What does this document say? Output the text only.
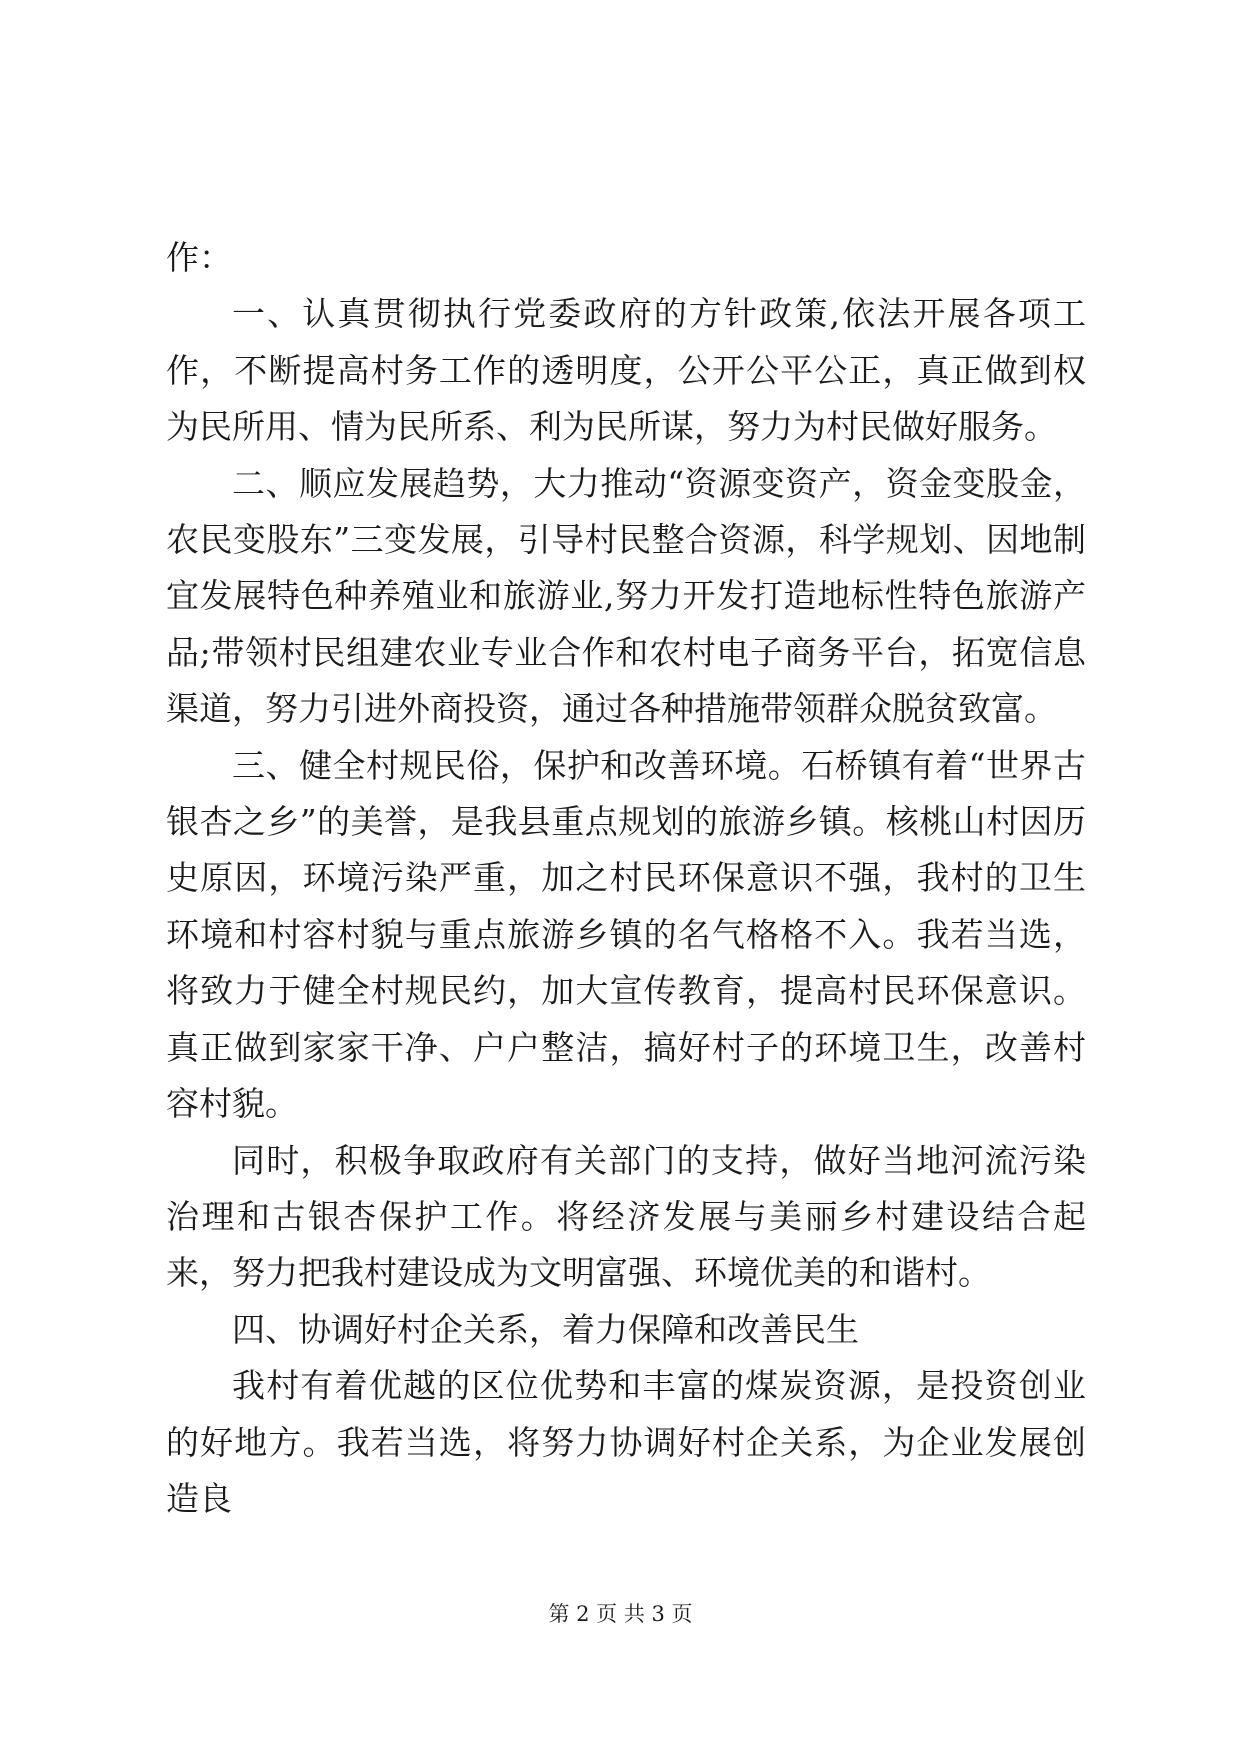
作：

一、认真贯彻执行党委政府的方针政策,依法开展各项工作，不断提高村务工作的透明度，公开公平公正，真正做到权为民所用、情为民所系、利为民所谋，努力为村民做好服务。

二、顺应发展趋势，大力推动“资源变资产，资金变股金，农民变股东”三变发展，引导村民整合资源，科学规划、因地制宜发展特色种养殖业和旅游业,努力开发打造地标性特色旅游产品;带领村民组建农业专业合作和农村电子商务平台，拓宽信息渠道，努力引进外商投资，通过各种措施带领群众脱贫致富。

三、健全村规民俗，保护和改善环境。石桥镇有着“世界古银杏之乡”的美誉，是我县重点规划的旅游乡镇。核桃山村因历史原因，环境污染严重，加之村民环保意识不强，我村的卫生环境和村容村貌与重点旅游乡镇的名气格格不入。我若当选，将致力于健全村规民约，加大宣传教育，提高村民环保意识。真正做到家家干净、户户整洁，搞好村子的环境卫生，改善村容村貌。

同时，积极争取政府有关部门的支持，做好当地河流污染治理和古银杏保护工作。将经济发展与美丽乡村建设结合起来，努力把我村建设成为文明富强、环境优美的和谐村。

四、协调好村企关系，着力保障和改善民生

我村有着优越的区位优势和丰富的煤炭资源，是投资创业的好地方。我若当选，将努力协调好村企关系，为企业发展创造良

第 2 页 共 3 页
